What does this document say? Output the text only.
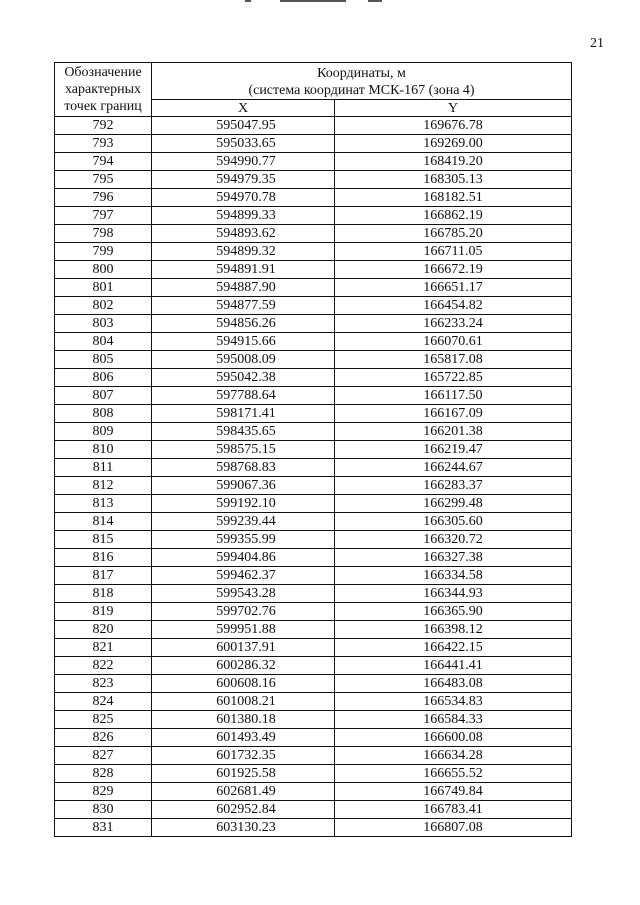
21
Обозначение
характерных
точек границ	Координаты, м
(система координат МСК-167 (зона 4)	

	X	Y
792	595047.95	169676.78
793	595033.65	169269.00
794	594990.77	168419.20
795	594979.35	168305.13
796	594970.78	168182.51
797	594899.33	166862.19
798	594893.62	166785.20
799	594899.32	166711.05
800	594891.91	166672.19
801	594887.90	166651.17
802	594877.59	166454.82
803	594856.26	166233.24
804	594915.66	166070.61
805	595008.09	165817.08
806	595042.38	165722.85
807	597788.64	166117.50
808	598171.41	166167.09
809	598435.65	166201.38
810	598575.15	166219.47
811	598768.83	166244.67
812	599067.36	166283.37
813	599192.10	166299.48
814	599239.44	166305.60
815	599355.99	166320.72
816	599404.86	166327.38
817	599462.37	166334.58
818	599543.28	166344.93
819	599702.76	166365.90
820	599951.88	166398.12
821	600137.91	166422.15
822	600286.32	166441.41
823	600608.16	166483.08
824	601008.21	166534.83
825	601380.18	166584.33
826	601493.49	166600.08
827	601732.35	166634.28
828	601925.58	166655.52
829	602681.49	166749.84
830	602952.84	166783.41
831	603130.23	166807.08
